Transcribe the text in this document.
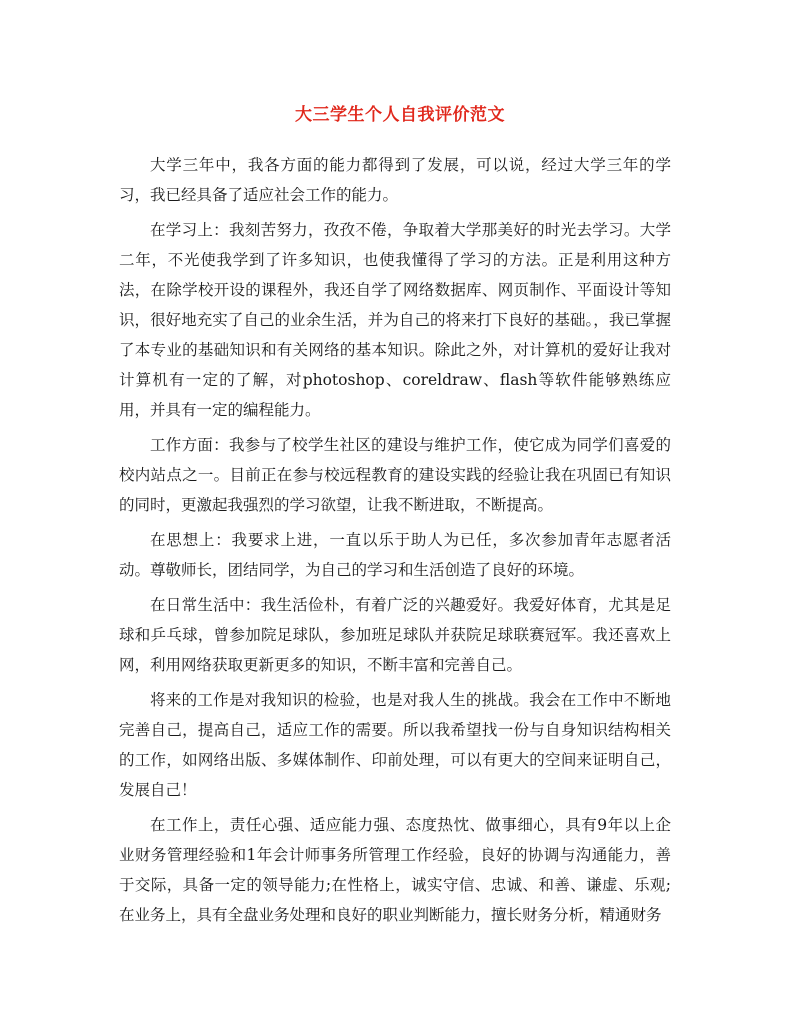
大三学生个人自我评价范文

大学三年中，我各方面的能力都得到了发展，可以说，经过大学三年的学习，我已经具备了适应社会工作的能力。

在学习上：我刻苦努力，孜孜不倦，争取着大学那美好的时光去学习。大学二年，不光使我学到了许多知识，也使我懂得了学习的方法。正是利用这种方法，在除学校开设的课程外，我还自学了网络数据库、网页制作、平面设计等知识，很好地充实了自己的业余生活，并为自己的将来打下良好的基础。，我已掌握了本专业的基础知识和有关网络的基本知识。除此之外，对计算机的爱好让我对计算机有一定的了解，对photoshop、coreldraw、flash等软件能够熟练应用，并具有一定的编程能力。

工作方面：我参与了校学生社区的建设与维护工作，使它成为同学们喜爱的校内站点之一。目前正在参与校远程教育的建设实践的经验让我在巩固已有知识的同时，更激起我强烈的学习欲望，让我不断进取，不断提高。

在思想上：我要求上进，一直以乐于助人为已任，多次参加青年志愿者活动。尊敬师长，团结同学，为自己的学习和生活创造了良好的环境。

在日常生活中：我生活俭朴，有着广泛的兴趣爱好。我爱好体育，尤其是足球和乒乓球，曾参加院足球队，参加班足球队并获院足球联赛冠军。我还喜欢上网，利用网络获取更新更多的知识，不断丰富和完善自己。

将来的工作是对我知识的检验，也是对我人生的挑战。我会在工作中不断地完善自己，提高自己，适应工作的需要。所以我希望找一份与自身知识结构相关的工作，如网络出版、多媒体制作、印前处理，可以有更大的空间来证明自己，发展自己！

在工作上，责任心强、适应能力强、态度热忱、做事细心，具有9年以上企业财务管理经验和1年会计师事务所管理工作经验，良好的协调与沟通能力，善于交际，具备一定的领导能力;在性格上，诚实守信、忠诚、和善、谦虚、乐观;在业务上，具有全盘业务处理和良好的职业判断能力，擅长财务分析，精通财务
